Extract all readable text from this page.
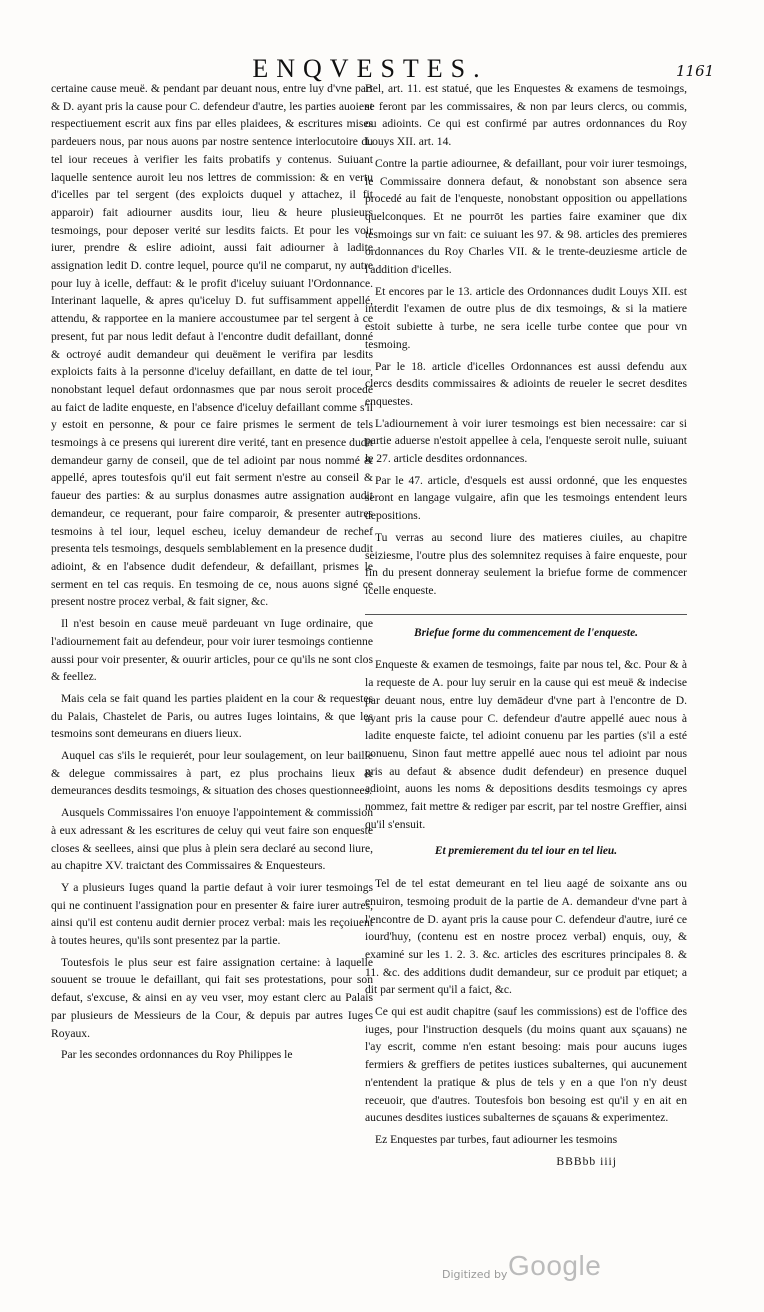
ENQVESTES.	1161

certaine cause meuë. & pendant par deuant nous, entre luy d'vne part & D. ayant pris la cause pour C. defendeur d'autre, les parties auoient respectiuement escrit aux fins par elles plaidees, & escritures mises pardeuers nous, par nous auons par nostre sentence interlocutoire du tel iour receues à verifier les faits probatifs y contenus. Suiuant laquelle sentence auroit leu nos lettres de commission: & en vertu d'icelles par tel sergent (des exploicts duquel y attachez, il fit apparoir) fait adiourner ausdits iour, lieu & heure plusieurs tesmoings, pour deposer verité sur lesdits faicts. Et pour les voir iurer, prendre & eslire adioint, aussi fait adiourner à ladite assignation ledit D. contre lequel, pource qu'il ne comparut, ny autre pour luy à icelle, deffaut: & le profit d'iceluy suiuant l'Ordonnance. Interinant laquelle, & apres qu'iceluy D. fut suffisamment appellé, attendu, & rapportee en la maniere accoustumee par tel sergent à ce present, fut par nous ledit defaut à l'encontre dudit defaillant, donné & octroyé audit demandeur qui deuëment le verifira par lesdits exploicts faits à la personne d'iceluy defaillant, en datte de tel iour, nonobstant lequel defaut ordonnasmes que par nous seroit procedé au faict de ladite enqueste, en l'absence d'iceluy defaillant comme s'il y estoit en personne, & pour ce faire prismes le serment de tels tesmoings à ce presens qui iurerent dire verité, tant en presence dudit demandeur garny de conseil, que de tel adioint par nous nommé & appellé, apres toutesfois qu'il eut fait serment n'estre au conseil & faueur des parties: & au surplus donasmes autre assignation audit demandeur, ce requerant, pour faire comparoir, & presenter autres tesmoins à tel iour, lequel escheu, iceluy demandeur de rechef presenta tels tesmoings, desquels semblablement en la presence dudit adioint, & en l'absence dudit defendeur, & defaillant, prismes le serment en tel cas requis. En tesmoing de ce, nous auons signé ce present nostre procez verbal, & fait signer, &c.

Il n'est besoin en cause meuë pardeuant vn Iuge ordinaire, que l'adiournement fait au defendeur, pour voir iurer tesmoings contienne aussi pour voir presenter, & ouurir articles, pour ce qu'ils ne sont clos & feellez.

Mais cela se fait quand les parties plaident en la cour & requestes du Palais, Chastelet de Paris, ou autres Iuges lointains, & que les tesmoins sont demeurans en diuers lieux.

Auquel cas s'ils le requierét, pour leur soulagement, on leur baille & delegue commissaires à part, ez plus prochains lieux & demeurances desdits tesmoings, & situation des choses questionnees.

Ausquels Commissaires l'on enuoye l'appointement & commission à eux adressant & les escritures de celuy qui veut faire son enqueste closes & seellees, ainsi que plus à plein sera declaré au second liure, au chapitre XV. traictant des Commissaires & Enquesteurs.

Y a plusieurs Iuges quand la partie defaut à voir iurer tesmoings qui ne continuent l'assignation pour en presenter & faire iurer autres, ainsi qu'il est contenu audit dernier procez verbal: mais les reçoiuent à toutes heures, qu'ils sont presentez par la partie.

Toutesfois le plus seur est faire assignation certaine: à laquelle souuent se trouue le defaillant, qui fait ses protestations, pour son defaut, s'excuse, & ainsi en ay veu vser, moy estant clerc au Palais par plusieurs de Messieurs de la Cour, & depuis par autres Iuges Royaux.

Par les secondes ordonnances du Roy Philippes le

Bel, art. 11. est statué, que les Enquestes & examens de tesmoings, se feront par les commissaires, & non par leurs clercs, ou commis, ou adioints. Ce qui est confirmé par autres ordonnances du Roy Louys XII. art. 14.

Contre la partie adiournee, & defaillant, pour voir iurer tesmoings, le Commissaire donnera defaut, & nonobstant son absence sera procedé au fait de l'enqueste, nonobstant opposition ou appellations quelconques. Et ne pourrōt les parties faire examiner que dix tesmoings sur vn fait: ce suiuant les 97. & 98. articles des premieres ordonnances du Roy Charles VII. & le trente-deuziesme article de l'addition d'icelles.

Et encores par le 13. article des Ordonnances dudit Louys XII. est interdit l'examen de outre plus de dix tesmoings, & si la matiere estoit subiette à turbe, ne sera icelle turbe contee que pour vn tesmoing.

Par le 18. article d'icelles Ordonnances est aussi defendu aux clercs desdits commissaires & adioints de reueler le secret desdites enquestes.

L'adiournement à voir iurer tesmoings est bien necessaire: car si partie aduerse n'estoit appellee à cela, l'enqueste seroit nulle, suiuant le 27. article desdites ordonnances.

Par le 47. article, d'esquels est aussi ordonné, que les enquestes seront en langage vulgaire, afin que les tesmoings entendent leurs depositions.

Tu verras au second liure des matieres ciuiles, au chapitre seiziesme, l'outre plus des solemnitez requises à faire enqueste, pour fin du present donneray seulement la briefue forme de commencer icelle enqueste.

Briefue forme du commencement de l'enqueste.

Enqueste & examen de tesmoings, faite par nous tel, &c. Pour & à la requeste de A. pour luy seruir en la cause qui est meuë & indecise par deuant nous, entre luy demādeur d'vne part à l'encontre de D. ayant pris la cause pour C. defendeur d'autre appellé auec nous à ladite enqueste faicte, tel adioint conuenu par les parties (s'il a esté conuenu, Sinon faut mettre appellé auec nous tel adioint par nous pris au defaut & absence dudit defendeur) en presence duquel adioint, auons les noms & depositions desdits tesmoings cy apres nommez, fait mettre & rediger par escrit, par tel nostre Greffier, ainsi qu'il s'ensuit.

Et premierement du tel iour en tel lieu.

Tel de tel estat demeurant en tel lieu aagé de soixante ans ou enuiron, tesmoing produit de la partie de A. demandeur d'vne part à l'encontre de D. ayant pris la cause pour C. defendeur d'autre, iuré ce iourd'huy, (contenu est en nostre procez verbal) enquis, ouy, & examiné sur les 1. 2. 3. &c. articles des escritures principales 8. & 11. &c. des additions dudit demandeur, sur ce produit par etiquet; a dit par serment qu'il a faict, &c.

Ce qui est audit chapitre (sauf les commissions) est de l'office des iuges, pour l'instruction desquels (du moins quant aux sçauans) ne l'ay escrit, comme n'en estant besoing: mais pour aucuns iuges fermiers & greffiers de petites iustices subalternes, qui aucunement n'entendent la pratique & plus de tels y en a que l'on n'y deust receuoir, que d'autres. Toutesfois bon besoing est qu'il y en ait en aucunes desdites iustices subalternes de sçauans & experimentez.

Ez Enquestes par turbes, faut adiourner les tesmoins

BBBbb iiij

Digitized by Google
